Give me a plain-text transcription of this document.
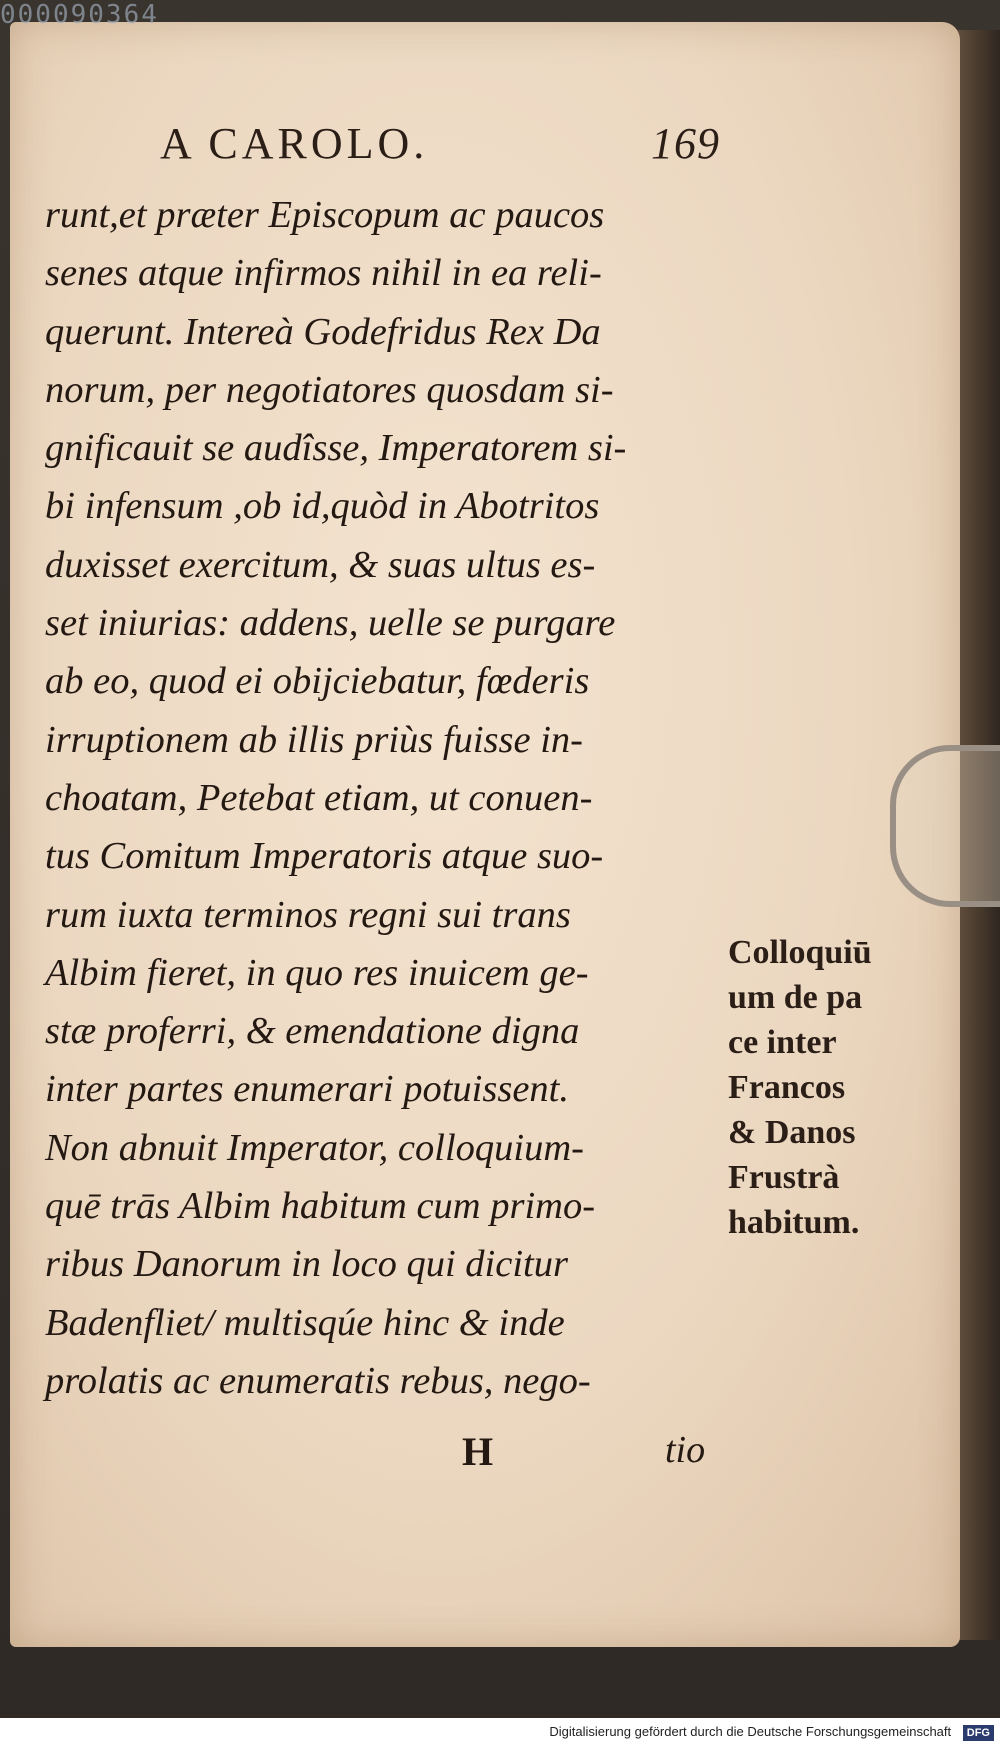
000090364
A CAROLO.	169
runt,et præter Episcopum ac paucos
senes atque infirmos nihil in ea reli-
querunt. Intereà Godefridus Rex Da
norum, per negotiatores quosdam si-
gnificauit se audîsse, Imperatorem si-
bi infensum ,ob id,quòd in Abotritos
duxisset exercitum, & suas ultus es-
set iniurias: addens, uelle se purgare
ab eo, quod ei obijciebatur, fœderis
irruptionem ab illis priùs fuisse in-
choatam, Petebat etiam, ut conuen-
tus Comitum Imperatoris atque suo-
rum iuxta terminos regni sui trans
Albim fieret, in quo res inuicem ge-
stæ proferri, & emendatione digna
inter partes enumerari potuissent.
Non abnuit Imperator, colloquium-
quē trās Albim habitum cum primo-
ribus Danorum in loco qui dicitur
Badenfliet/ multisqúe hinc & inde
prolatis ac enumeratis rebus, nego-
Colloquiū
um de pa
ce inter
Francos
& Danos
Frustrà
habitum.
H	tio
Digitalisierung gefördert durch die Deutsche Forschungsgemeinschaft DFG
